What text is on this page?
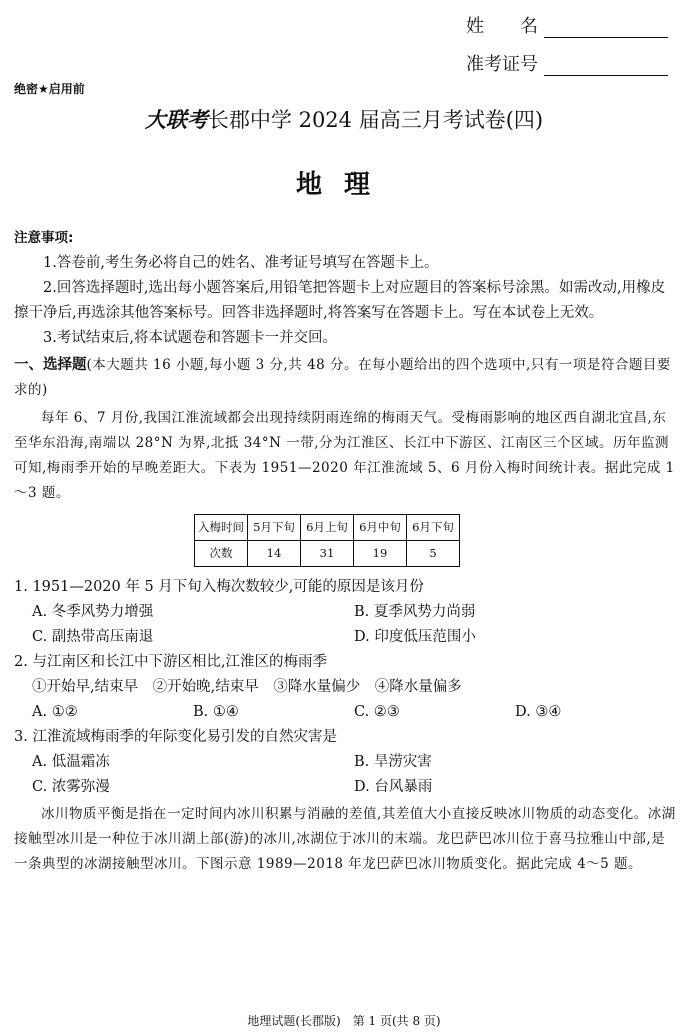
姓　　名
准考证号
绝密★启用前
大联考长郡中学 2024 届高三月考试卷(四)
地理

注意事项:

1.答卷前,考生务必将自己的姓名、准考证号填写在答题卡上。

2.回答选择题时,选出每小题答案后,用铅笔把答题卡上对应题目的答案标号涂黑。如需改动,用橡皮擦干净后,再选涂其他答案标号。回答非选择题时,将答案写在答题卡上。写在本试卷上无效。

3.考试结束后,将本试题卷和答题卡一并交回。

一、选择题(本大题共 16 小题,每小题 3 分,共 48 分。在每小题给出的四个选项中,只有一项是符合题目要求的)

每年 6、7 月份,我国江淮流域都会出现持续阴雨连绵的梅雨天气。受梅雨影响的地区西自湖北宜昌,东至华东沿海,南端以 28°N 为界,北抵 34°N 一带,分为江淮区、长江中下游区、江南区三个区域。历年监测可知,梅雨季开始的早晚差距大。下表为 1951—2020 年江淮流域 5、6 月份入梅时间统计表。据此完成 1～3 题。

入梅时间	5月下旬	6月上旬	6月中旬	6月下旬
次数	14	31	19	5

1. 1951—2020 年 5 月下旬入梅次数较少,可能的原因是该月份

A. 冬季风势力增强	B. 夏季风势力尚弱
C. 副热带高压南退	D. 印度低压范围小

2. 与江南区和长江中下游区相比,江淮区的梅雨季

①开始早,结束早　②开始晚,结束早　③降水量偏少　④降水量偏多

A. ①②	B. ①④	C. ②③	D. ③④

3. 江淮流域梅雨季的年际变化易引发的自然灾害是

A. 低温霜冻	B. 旱涝灾害
C. 浓雾弥漫	D. 台风暴雨

冰川物质平衡是指在一定时间内冰川积累与消融的差值,其差值大小直接反映冰川物质的动态变化。冰湖接触型冰川是一种位于冰川湖上部(游)的冰川,冰湖位于冰川的末端。龙巴萨巴冰川位于喜马拉雅山中部,是一条典型的冰湖接触型冰川。下图示意 1989—2018 年龙巴萨巴冰川物质变化。据此完成 4～5 题。

地理试题(长郡版)　第 1 页(共 8 页)
